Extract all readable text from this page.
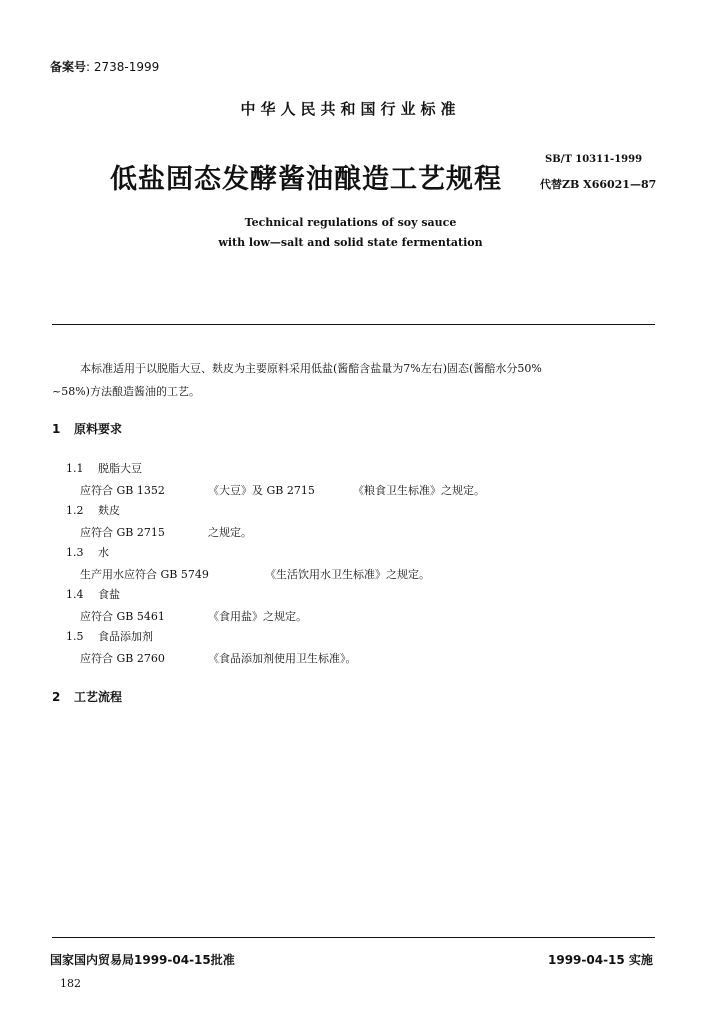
备案号: 2738-1999
中华人民共和国行业标准
低盐固态发酵酱油酿造工艺规程
SB/T 10311-1999
代替ZB X66021—87
Technical regulations of soy sauce
with low—salt and solid state fermentation
本标准适用于以脱脂大豆、麸皮为主要原料采用低盐(酱醅含盐量为7%左右)固态(酱醅水分50%
~58%)方法酿造酱油的工艺。
1 原料要求
1.1 脱脂大豆
应符合 GB 1352	《大豆》及 GB 2715	《粮食卫生标准》之规定。
1.2 麸皮
应符合 GB 2715	之规定。
1.3 水
生产用水应符合 GB 5749	《生活饮用水卫生标准》之规定。
1.4 食盐
应符合 GB 5461	《食用盐》之规定。
1.5 食品添加剂
应符合 GB 2760	《食品添加剂使用卫生标准》。
2 工艺流程
国家国内贸易局1999-04-15批准	1999-04-15 实施
182
